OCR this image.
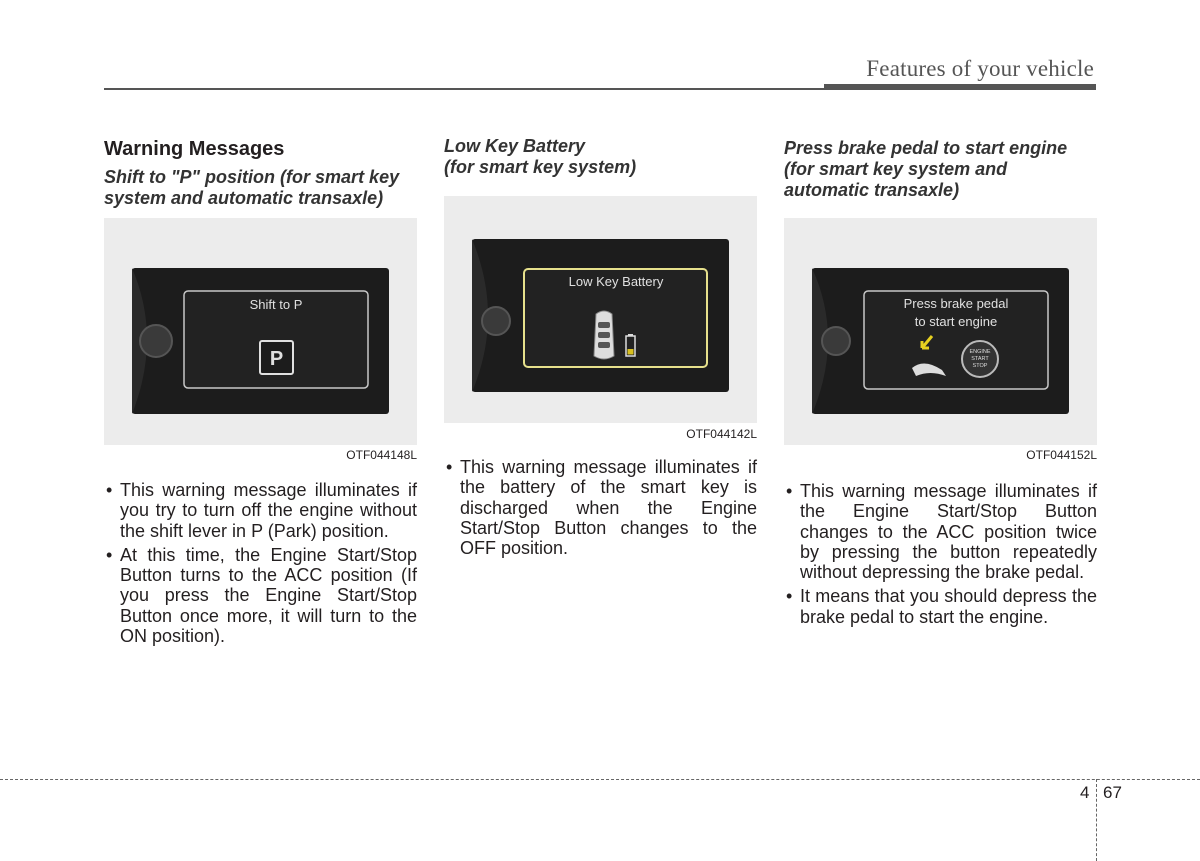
Features of your vehicle
Warning Messages

Shift to "P" position (for smart key system and automatic transaxle)

Low Key Battery

(for smart key system)

Press brake pedal to start engine (for smart key system and automatic transaxle)

Shift to P
P
OTF044148L
Low Key Battery
OTF044142L
Press brake pedal
to start engine
ENGINE
START
STOP
OTF044152L
• This warning message illuminates if you try to turn off the engine without the shift lever in P (Park) position.
• At this time, the Engine Start/Stop Button turns to the ACC position (If you press the Engine Start/Stop Button once more, it will turn to the ON position).
• This warning message illuminates if the battery of the smart key is discharged when the Engine Start/Stop Button changes to the OFF position.
• This warning message illuminates if the Engine Start/Stop Button changes to the ACC position twice by pressing the button repeatedly without depressing the brake pedal.
• It means that you should depress the brake pedal to start the engine.
4 67
